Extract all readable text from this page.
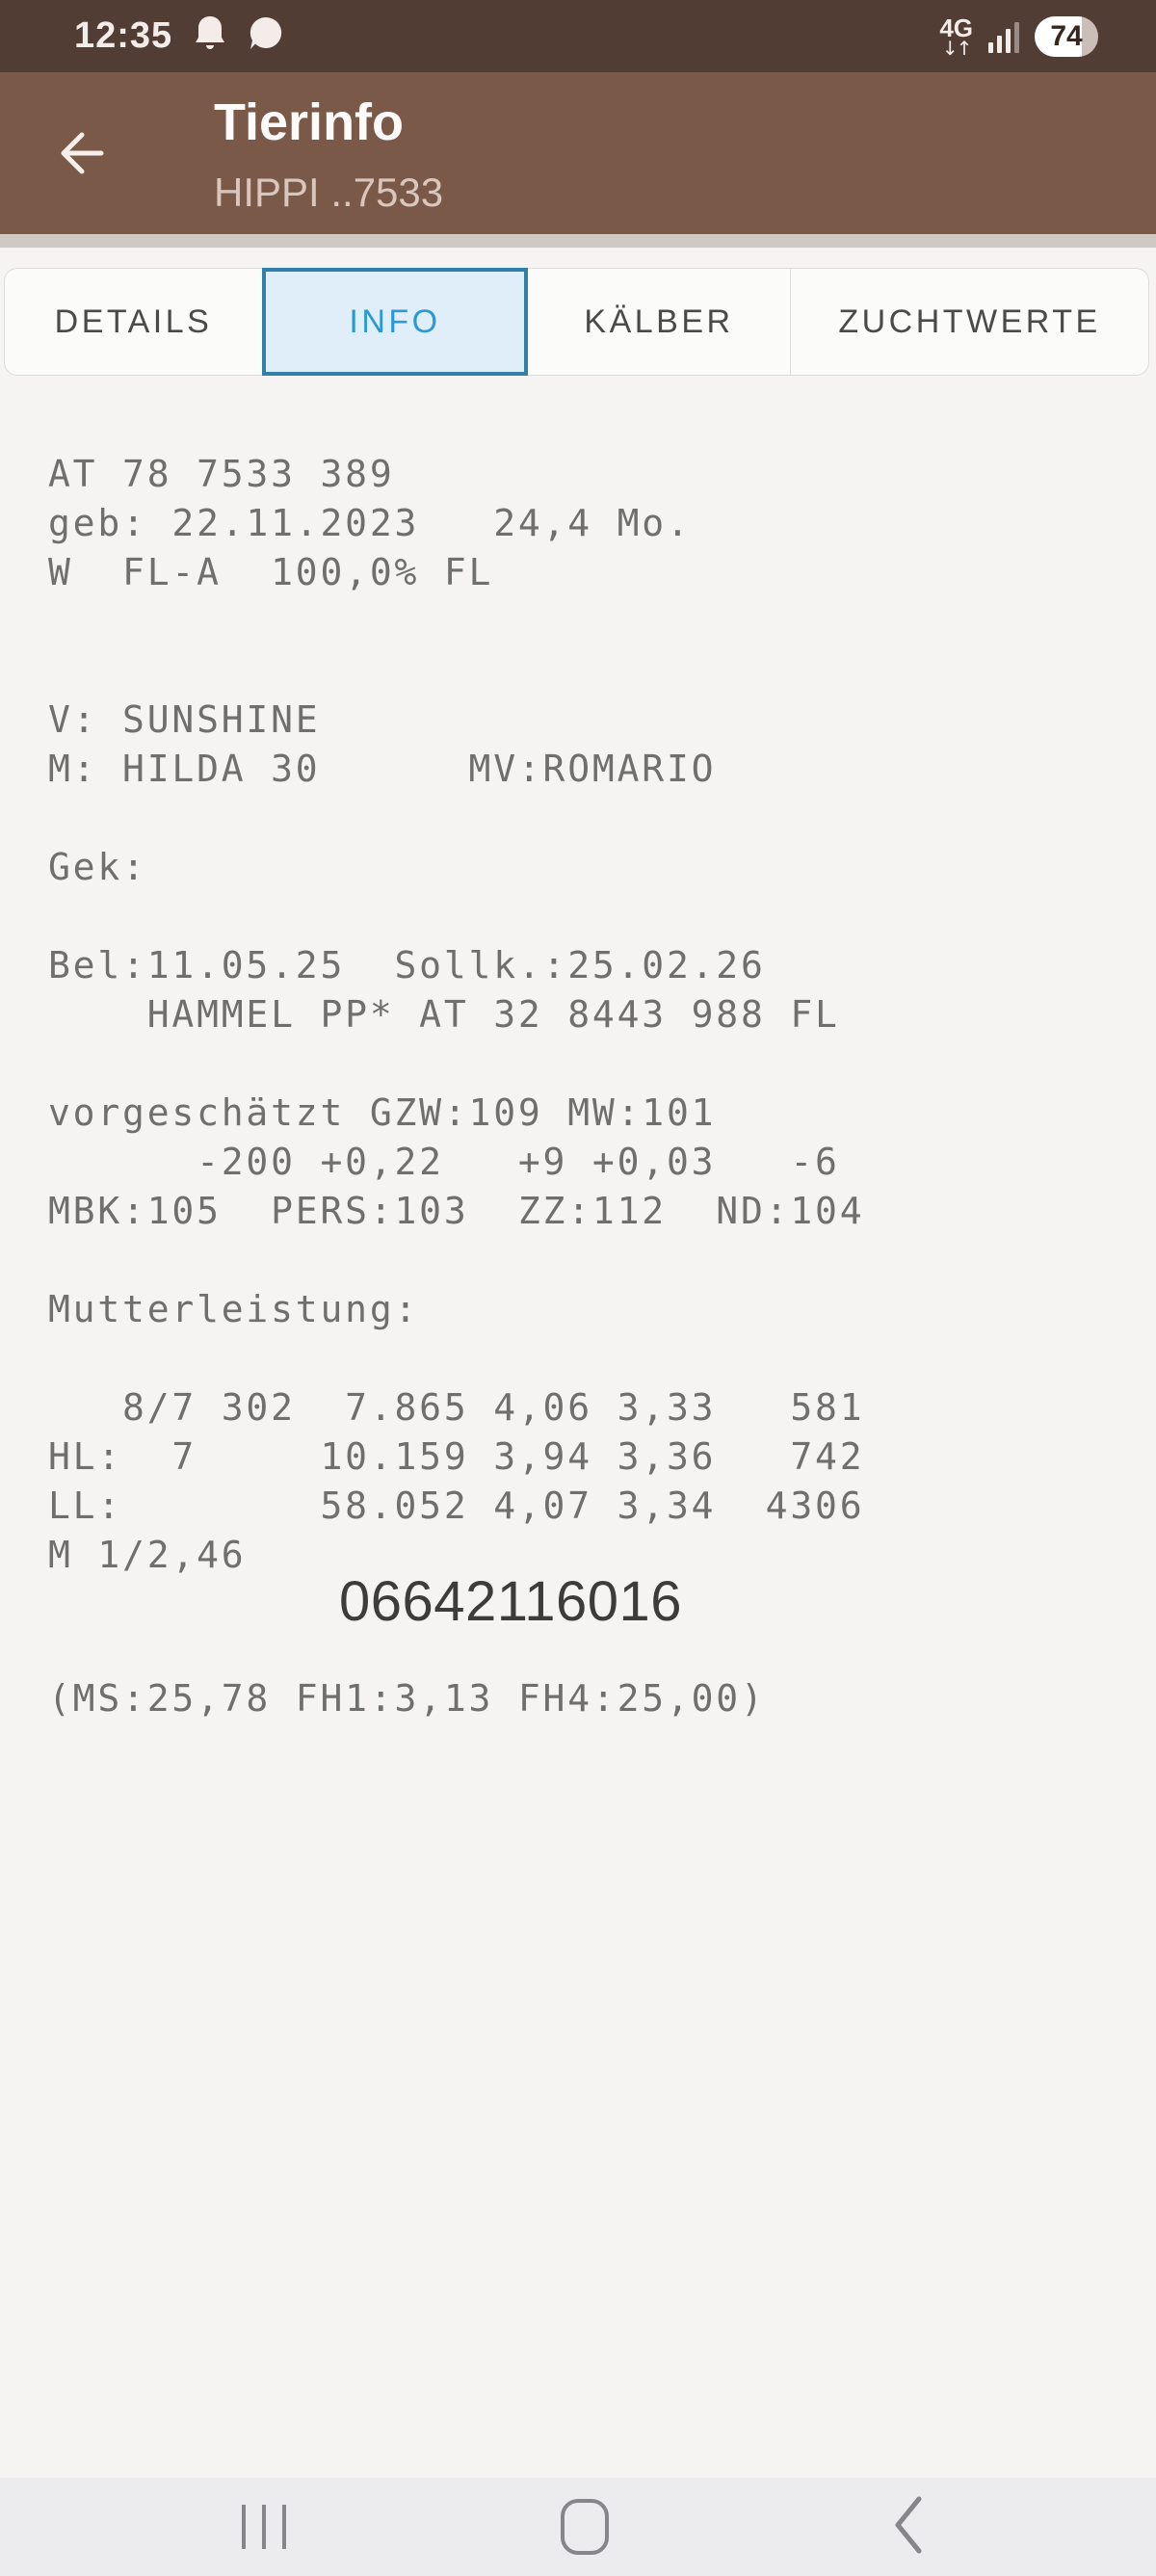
12:35	4G
↓↑	74
Tierinfo
HIPPI ..7533
DETAILS	INFO	KÄLBER	ZUCHTWERTE
AT 78 7533 389
geb: 22.11.2023   24,4 Mo.
W  FL-A  100,0% FL
V: SUNSHINE
M: HILDA 30      MV:ROMARIO
Gek:
Bel:11.05.25  Sollk.:25.02.26
HAMMEL PP* AT 32 8443 988 FL
vorgeschätzt GZW:109 MW:101
-200 +0,22   +9 +0,03   -6
MBK:105  PERS:103  ZZ:112  ND:104
Mutterleistung:
8/7 302  7.865 4,06 3,33   581
HL:  7     10.159 3,94 3,36   742
LL:        58.052 4,07 3,34  4306
M 1/2,46
06642116016
(MS:25,78 FH1:3,13 FH4:25,00)
